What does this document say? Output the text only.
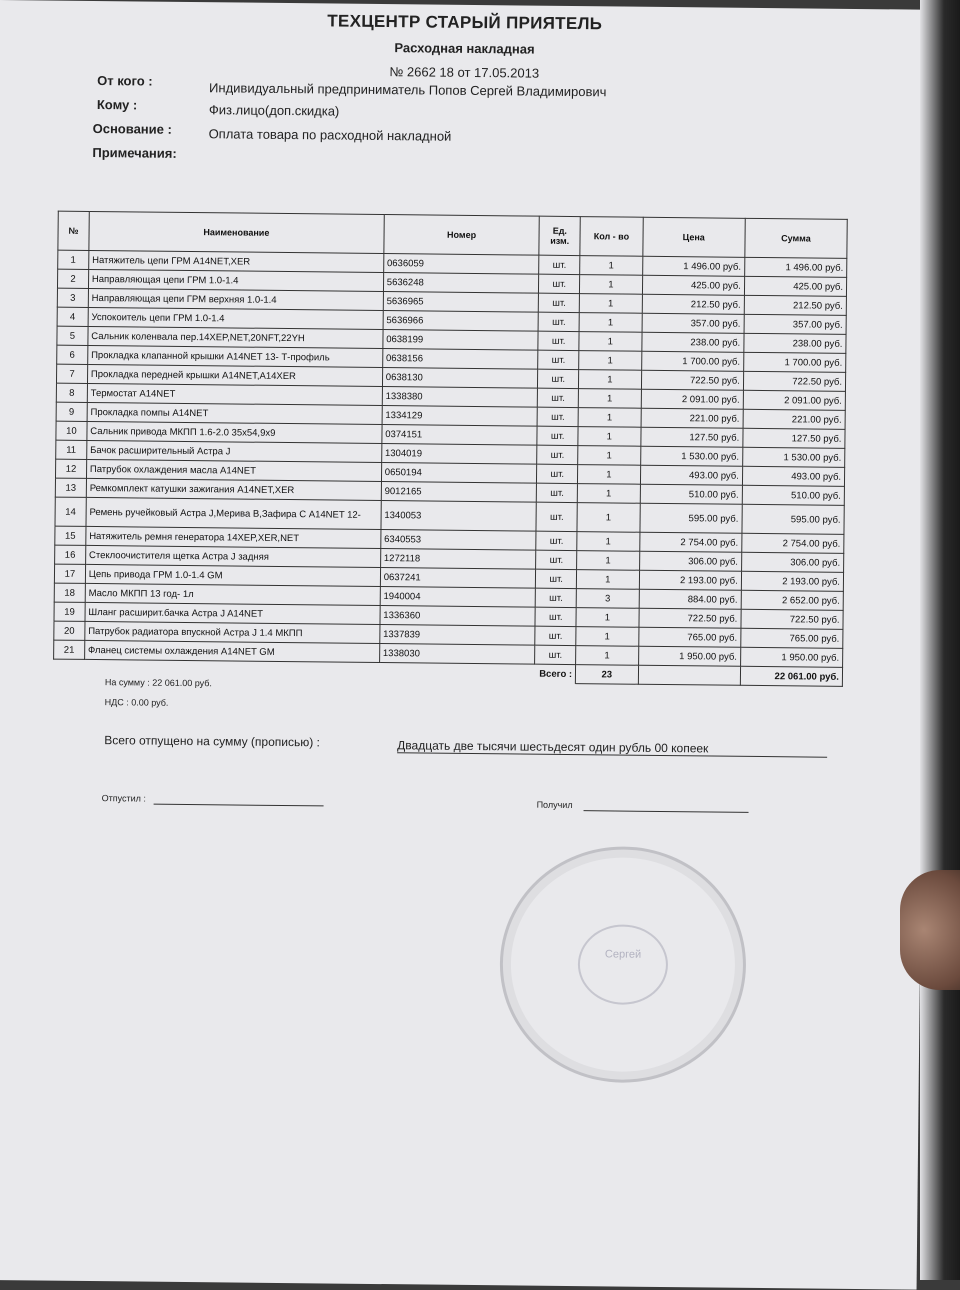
ТЕХЦЕНТР СТАРЫЙ ПРИЯТЕЛЬ
Расходная накладная
№ 2662 18 от 17.05.2013
От кого :	Индивидуальный предприниматель Попов Сергей Владимирович
Кому :	Физ.лицо(доп.скидка)
Основание :	Оплата товара по расходной накладной
Примечания:
№	Наименование	Номер	Ед. изм.	Кол - во	Цена	Сумма
1	Натяжитель цепи ГРМ A14NET,XER	0636059	шт.	1	1 496.00 руб.	1 496.00 руб.
2	Направляющая цепи ГРМ 1.0-1.4	5636248	шт.	1	425.00 руб.	425.00 руб.
3	Направляющая цепи ГРМ верхняя 1.0-1.4	5636965	шт.	1	212.50 руб.	212.50 руб.
4	Успокоитель цепи ГРМ 1.0-1.4	5636966	шт.	1	357.00 руб.	357.00 руб.
5	Сальник коленвала пер.14XEP,NET,20NFT,22YH	0638199	шт.	1	238.00 руб.	238.00 руб.
6	Прокладка клапанной крышки A14NET 13- Т-профиль	0638156	шт.	1	1 700.00 руб.	1 700.00 руб.
7	Прокладка передней крышки A14NET,A14XER	0638130	шт.	1	722.50 руб.	722.50 руб.
8	Термостат A14NET	1338380	шт.	1	2 091.00 руб.	2 091.00 руб.
9	Прокладка помпы A14NET	1334129	шт.	1	221.00 руб.	221.00 руб.
10	Сальник привода МКПП 1.6-2.0 35x54,9x9	0374151	шт.	1	127.50 руб.	127.50 руб.
11	Бачок расширительный Астра J	1304019	шт.	1	1 530.00 руб.	1 530.00 руб.
12	Патрубок охлаждения масла A14NET	0650194	шт.	1	493.00 руб.	493.00 руб.
13	Ремкомплект катушки зажигания A14NET,XER	9012165	шт.	1	510.00 руб.	510.00 руб.
14	Ремень ручейковый Астра J,Мерива В,Зафира С A14NET 12-	1340053	шт.	1	595.00 руб.	595.00 руб.
15	Натяжитель ремня генератора 14XEP,XER,NET	6340553	шт.	1	2 754.00 руб.	2 754.00 руб.
16	Стеклоочистителя щетка Астра J задняя	1272118	шт.	1	306.00 руб.	306.00 руб.
17	Цепь привода ГРМ 1.0-1.4 GM	0637241	шт.	1	2 193.00 руб.	2 193.00 руб.
18	Масло МКПП 13 год- 1л	1940004	шт.	3	884.00 руб.	2 652.00 руб.
19	Шланг расширит.бачка Астра J A14NET	1336360	шт.	1	722.50 руб.	722.50 руб.
20	Патрубок радиатора впускной Астра J 1.4 МКПП	1337839	шт.	1	765.00 руб.	765.00 руб.
21	Фланец системы охлаждения A14NET GM	1338030	шт.	1	1 950.00 руб.	1 950.00 руб.
Всего :				23		22 061.00 руб.
На сумму : 22 061.00 руб.
НДС : 0.00 руб.
Всего отпущено на сумму (прописью) :	Двадцать две тысячи шестьдесят один рубль 00 копеек
Отпустил :
Получил
Сергей
